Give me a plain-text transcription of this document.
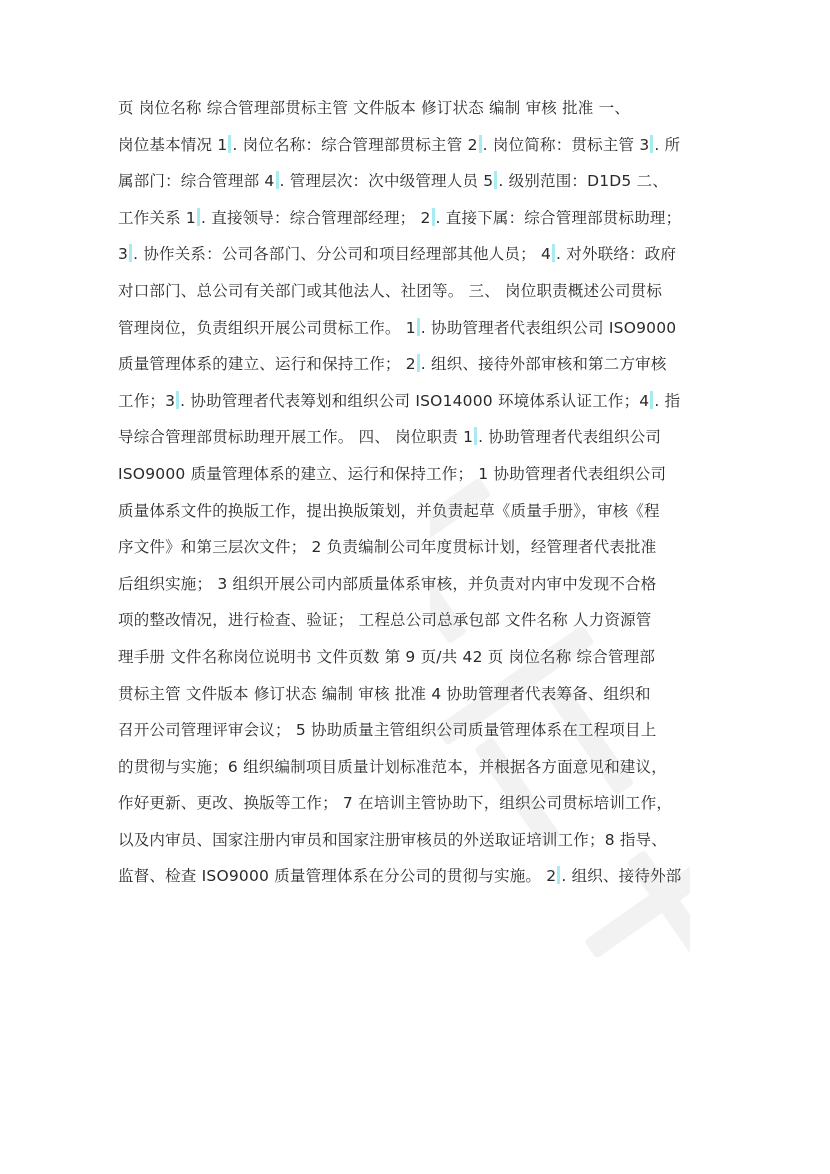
页 岗位名称 综合管理部贯标主管 文件版本 修订状态 编制 审核 批准 一、
岗位基本情况 1 . 岗位名称：综合管理部贯标主管 2 . 岗位简称：贯标主管 3 . 所
属部门：综合管理部 4 . 管理层次：次中级管理人员 5 . 级别范围：D1D5 二、
工作关系 1 . 直接领导：综合管理部经理； 2 . 直接下属：综合管理部贯标助理；
3 . 协作关系：公司各部门、分公司和项目经理部其他人员； 4 . 对外联络：政府
对口部门、总公司有关部门或其他法人、社团等。 三、 岗位职责概述公司贯标
管理岗位，负责组织开展公司贯标工作。 1 . 协助管理者代表组织公司 ISO9000
质量管理体系的建立、运行和保持工作； 2 . 组织、接待外部审核和第二方审核
工作；3 . 协助管理者代表筹划和组织公司 ISO14000 环境体系认证工作；4 . 指
导综合管理部贯标助理开展工作。 四、 岗位职责 1 . 协助管理者代表组织公司
ISO9000 质量管理体系的建立、运行和保持工作； 1 协助管理者代表组织公司
质量体系文件的换版工作，提出换版策划，并负责起草《质量手册》，审核《程
序文件》和第三层次文件； 2 负责编制公司年度贯标计划，经管理者代表批准
后组织实施； 3 组织开展公司内部质量体系审核，并负责对内审中发现不合格
项的整改情况，进行检查、验证； 工程总公司总承包部 文件名称 人力资源管
理手册 文件名称岗位说明书 文件页数 第 9 页/共 42 页 岗位名称 综合管理部
贯标主管 文件版本 修订状态 编制 审核 批准 4 协助管理者代表筹备、组织和
召开公司管理评审会议； 5 协助质量主管组织公司质量管理体系在工程项目上
的贯彻与实施；6 组织编制项目质量计划标准范本，并根据各方面意见和建议，
作好更新、更改、换版等工作； 7 在培训主管协助下，组织公司贯标培训工作，
以及内审员、国家注册内审员和国家注册审核员的外送取证培训工作；8 指导、
监督、检查 ISO9000 质量管理体系在分公司的贯彻与实施。 2 . 组织、接待外部
